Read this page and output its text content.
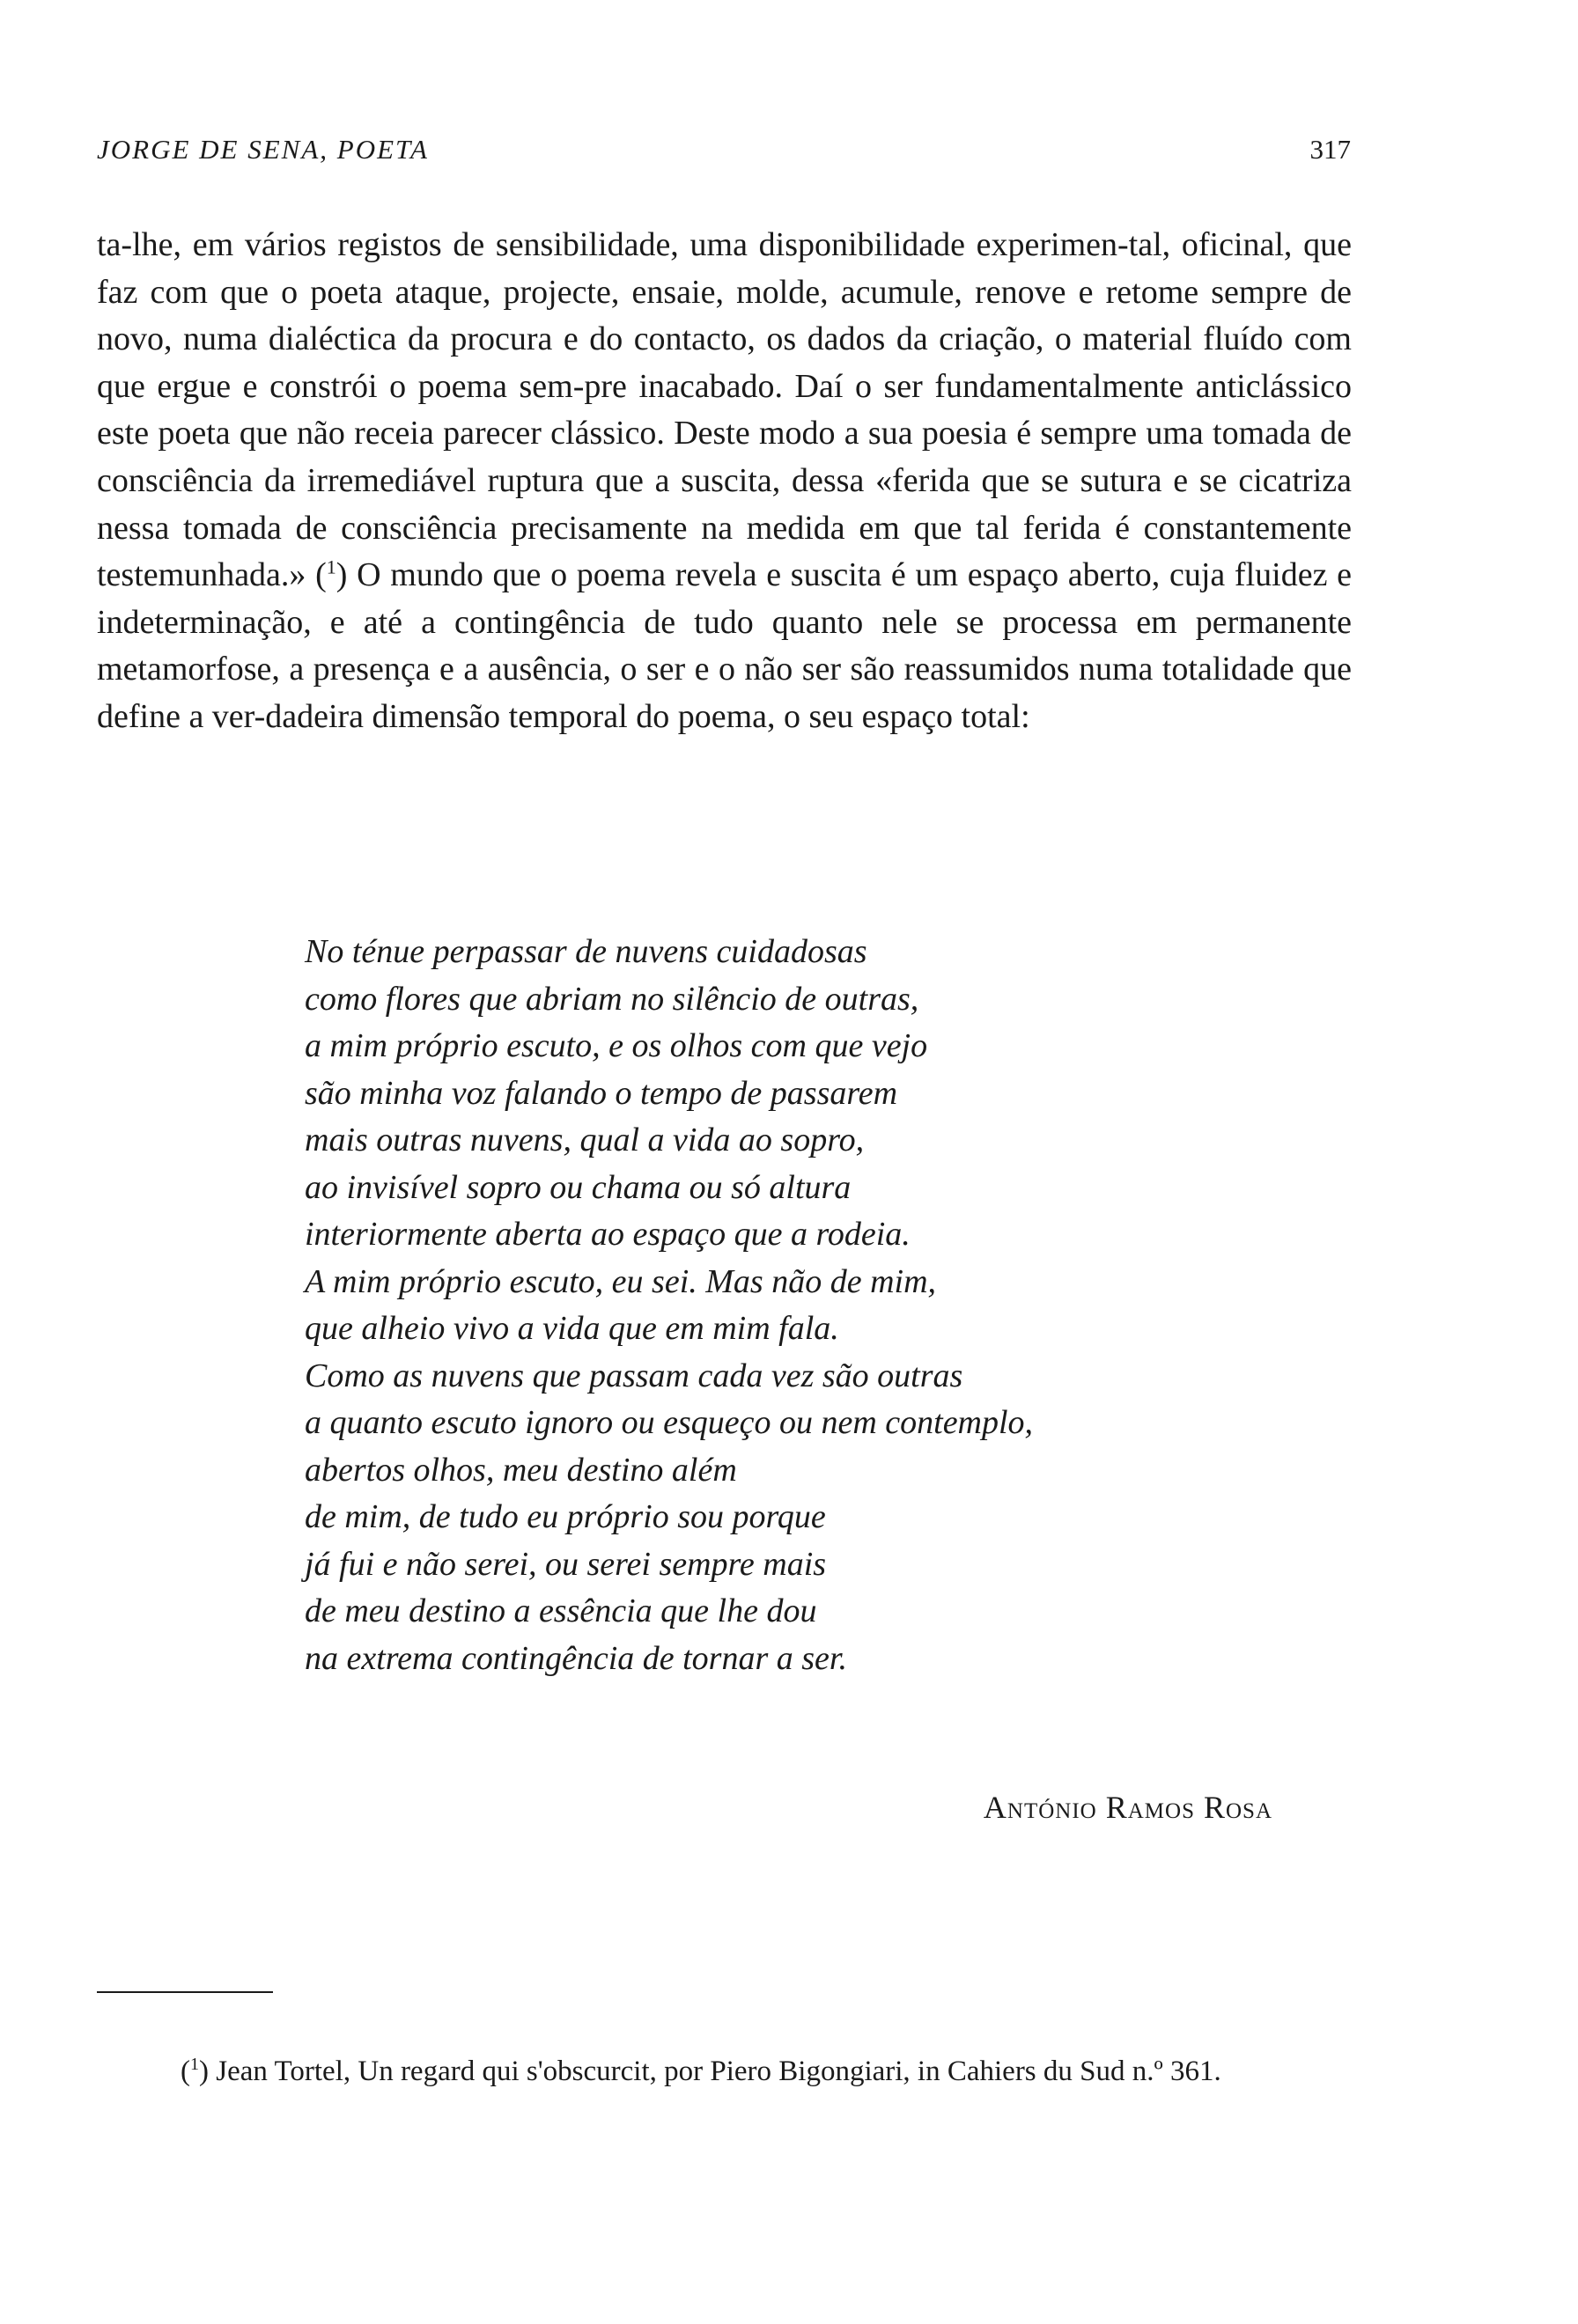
JORGE DE SENA, POETA	317

ta-lhe, em vários registos de sensibilidade, uma disponibilidade experimen-tal, oficinal, que faz com que o poeta ataque, projecte, ensaie, molde, acumule, renove e retome sempre de novo, numa dialéctica da procura e do contacto, os dados da criação, o material fluído com que ergue e constrói o poema sem-pre inacabado. Daí o ser fundamentalmente anticlássico este poeta que não receia parecer clássico. Deste modo a sua poesia é sempre uma tomada de consciência da irremediável ruptura que a suscita, dessa «ferida que se sutura e se cicatriza nessa tomada de consciência precisamente na medida em que tal ferida é constantemente testemunhada.» ($^1$) O mundo que o poema revela e suscita é um espaço aberto, cuja fluidez e indeterminação, e até a contingência de tudo quanto nele se processa em permanente metamorfose, a presença e a ausência, o ser e o não ser são reassumidos numa totalidade que define a ver-dadeira dimensão temporal do poema, o seu espaço total:

No ténue perpassar de nuvens cuidadosas
como flores que abriam no silêncio de outras,
a mim próprio escuto, e os olhos com que vejo
são minha voz falando o tempo de passarem
mais outras nuvens, qual a vida ao sopro,
ao invisível sopro ou chama ou só altura
interiormente aberta ao espaço que a rodeia.
A mim próprio escuto, eu sei. Mas não de mim,
que alheio vivo a vida que em mim fala.
Como as nuvens que passam cada vez são outras
a quanto escuto ignoro ou esqueço ou nem contemplo,
abertos olhos, meu destino além
de mim, de tudo eu próprio sou porque
já fui e não serei, ou serei sempre mais
de meu destino a essência que lhe dou
na extrema contingência de tornar a ser.
António Ramos Rosa

($^1$) Jean Tortel, Un regard qui s'obscurcit, por Piero Bigongiari, in Cahiers du Sud n.º 361.
